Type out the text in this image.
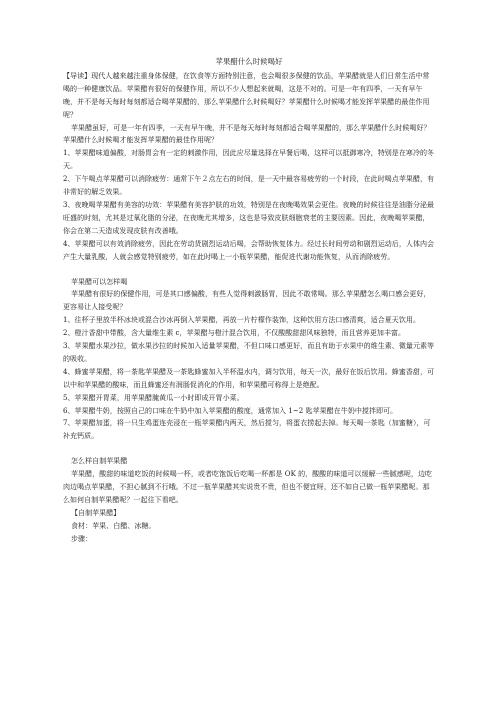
苹果醋什么时候喝好

【导读】现代人越来越注重身体保健，在饮食等方面特别注意，也会喝很多保健的饮品，苹果醋就是人们日常生活中常喝的一种健康饮品。苹果醋有很好的保健作用，所以不少人想起来就喝，这是不对的。可是一年有四季，一天有早午晚，并不是每天每时每刻都适合喝苹果醋的，那么苹果醋什么时候喝好？苹果醋什么时候喝才能发挥苹果醋的最佳作用呢？

苹果醋虽好，可是一年有四季，一天有早午晚，并不是每天每时每刻都适合喝苹果醋的，那么苹果醋什么时候喝好？苹果醋什么时候喝才能发挥苹果醋的最佳作用呢？

1、苹果醋味道偏酸，对肠胃会有一定的刺激作用，因此应尽量选择在早餐后喝，这样可以抵御寒冷，特别是在寒冷的冬天。

2、下午喝点苹果醋可以消除疲劳：通常下午２点左右的时间，是一天中最容易疲劳的一个时段，在此时喝点苹果醋，有非常好的解乏效果。

3、夜晚喝苹果醋有美容的功效：苹果醋有美容护肤的功效，特别是在夜晚喝效果会更佳。夜晚的时候往往是油脂分泌最旺盛的时刻，尤其是过氧化脂的分泌，在夜晚尤其增多，这也是导致皮肤细胞衰老的主要因素。因此，夜晚喝苹果醋，你会在第二天造成发现皮肤有改善哦。

4、苹果醋可以有效消除疲劳，因此在劳动货剧烈运动后喝，会帮助恢复体力。经过长时间劳动和剧烈运动后，人体内会产生大量乳酸，人就会感觉特别疲劳，如在此时喝上一小瓶苹果醋，能促进代谢功能恢复，从而消除疲劳。

苹果醋可以怎样喝

苹果醋有很好的保健作用，可是其口感偏酸，有些人觉得刺激肠胃，因此不敢常喝。那么苹果醋怎么喝口感会更好，更容易让人接受呢？

1、往杯子里放半杯冰块或混合沙冰再倒入苹果醋，再放一片柠檬作装饰，这种饮用方法口感清爽，适合夏天饮用。

2、橙汁香甜中带酸，含大量维生素 c，苹果醋与橙汁混合饮用，不仅酸酸甜甜风味独特，而且营养更加丰富。

3、苹果醋水果沙拉，做水果沙拉的时候加入适量苹果醋，不但口味口感更好，而且有助于水果中的维生素、微量元素等的吸收。

4、蜂蜜苹果醋，将一茶匙苹果醋及一茶匙蜂蜜加入半杯温水内，调匀饮用，每天一次，最好在饭后饮用。蜂蜜香甜，可以中和苹果醋的酸味，而且蜂蜜还有润肠促消化的作用，和苹果醋可称得上是绝配。

5、苹果醋开胃菜，用苹果醋腌黄瓜一小时即成开胃小菜。

6、苹果醋牛奶，按照自己的口味在牛奶中加入苹果醋的酸度，通常加入 1~2 匙苹果醋在牛奶中搅拌即可。

7、苹果醋加蛋，将一只生鸡蛋连壳浸在一瓶苹果醋内两天，然后搅匀，将蛋衣捞起去掉。每天喝一茶匙（加蜜糖），可补充钙质。

怎么样自制苹果醋

苹果醋，酸甜的味道吃饭的时候喝一杯，或者吃饱饭后吃喝一杯都是 OK 的，酸酸的味道可以缓解一些腻感呢，边吃肉边喝点苹果醋，不担心腻到不行哦。不过一瓶苹果醋其实说贵不贵，但也不便宜呀，还不如自己做一瓶苹果醋呢。那么如何自制苹果醋呢？一起往下看吧。

【自制苹果醋】

食材：苹果、白醋、冰糖。

步骤：
